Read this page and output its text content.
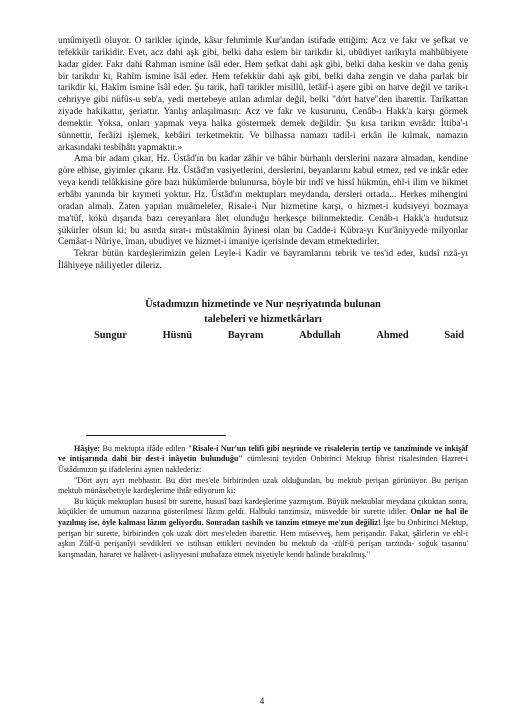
umûmiyetli oluyor. O tarikler içinde, kâsır fehmimle Kur'andan istifade ettiğim: Acz ve fakr ve şefkat ve tefekkür tarikidir. Evet, acz dahi aşk gibi, belki daha eslem bir tarikdır ki, ubûdiyet tarîkıyla mahbûbiyete kadar gider. Fakr dahi Rahman ismine îsâl eder. Hem şefkat dahi aşk gibi, belki daha keskin ve daha geniş bir tarikdır ki, Rahîm ismine îsâl eder. Hem tefekkür dahi aşk gibi, belki daha zengin ve daha parlak bir tarikdir ki, Hakîm ismine îsâl eder. Şu tarik, hafî tarikler misillû, letâif-i aşere gibi on hatve değil ve tarik-ı cehriyye gibi nüfûs-u seb'a, yedi mertebeye atılan adımlar değil, belki "dört hatve"den ibarettir. Tarîkattan ziyade hakikattır, şeriattır. Yanlış anlaşılmasın: Acz ve fakr ve kusurunu, Cenâb-ı Hakk'a karşı görmek demektir. Yoksa, onları yapmak veya halka göstermek demek değildir. Şu kısa tarikın evrâdı: İttiba'-ı sünnettir, ferâizi işlemek, kebâiri terketmektir. Ve bilhassa namazı tadil-i erkân ile kılmak, namazın arkasındaki tesbîhâtı yapmaktır.»

Ama bir adam çıkar, Hz. Üstâd'ın bu kadar zâhir ve bâhir bürhanlı derslerini nazara almadan, kendine göre elbise, giyimler çıkarır. Hz. Üstâd'ın vasiyetlerini, derslerini, beyanlarını kabul etmez, red ve inkâr eder veya kendi telâkkisine göre bazı hükümlerde bulunursa, böyle bir indî ve hissî hükmün, ehl-i ilim ve hikmet erbâbı yanında bir kıymeti yoktur. Hz. Üstâd'ın mektupları meydanda, dersleri ortada... Herkes mihengini oradan almalı. Zaten yapılan muâmeleler, Risale-i Nur hizmetine karşı, o hizmet-i kudsiyeyi bozmaya ma'tûf, kökü dışarıda bazı cereyanlara âlet olunduğu herkesçe bilinmektedir. Cenâb-ı Hakk'a hudutsuz şükürler olsun ki; bu asırda sırat-ı müstakîmin âyinesi olan bu Cadde-i Kübra-yı Kur'âniyyede milyonlar Cemâat-ı Nûriye, îman, ubudiyet ve hizmet-i imaniye içerisinde devam etmektedirler.

Tekrar bütün kardeşlerimizin gelen Leyle-i Kadir ve bayramlarını tebrik ve tes'id eder, kudsî rızâ-yı İlâhiyeye nâiliyetler dileriz.

Üstadımızın hizmetinde ve Nur neşriyatında bulunan
talebeleri ve hizmetkârları
Sungur	Hüsnü	Bayram	Abdullah	Ahmed	Said

Hâşiye: Bu mektupta ifâde edilen "Risale-i Nur'un telifi gibi neşrinde ve risalelerin tertip ve tanziminde ve inkişâf ve intişarında dahi bir dest-i inâyetin bulunduğu" cümlesini teyiden Onbirinci Mektup fihrist risalesinden Hazret-i Üstâdımızın şu ifadelerini aynen naklederiz:

"Dört ayrı ayrı mebhastır. Bu dört mes'ele birbirinden uzak olduğundan, bu mektub perişan görünüyor. Bu perişan mektub münâsebetiyle kardeşlerime ihtâr ediyorum ki:

Bu küçük mektupları hususî bir surette, hususî bazı kardeşlerime yazmıştım. Büyük mektublar meydana çıktıktan sonra, küçükler de umumun nazarına gösterilmesi lâzım geldi. Halbuki tanzimsiz, müsvedde bir surette idiler. Onlar ne hal ile yazılmış ise, öyle kalması lâzım geliyordu. Sonradan tashih ve tanzim etmeye me'zun değiliz! İşte bu Onbirinci Mektup, perişan bir surette, birbirinden çok uzak dört mes'eleden ibarettir. Hem müsevveş, hem perişandır. Fakat, şâirlerin ve ehl-i aşkın Zülf-ü perişanîyi sevdikleri ve istihsan ettikleri nevinden bu mektub da -zülf-ü perişan tarzında- soğuk tasannu' karışmadan, hararet ve halâvet-i asliyyesini muhafaza etmek niyetiyle kendi halinde bırakılmış."

4
